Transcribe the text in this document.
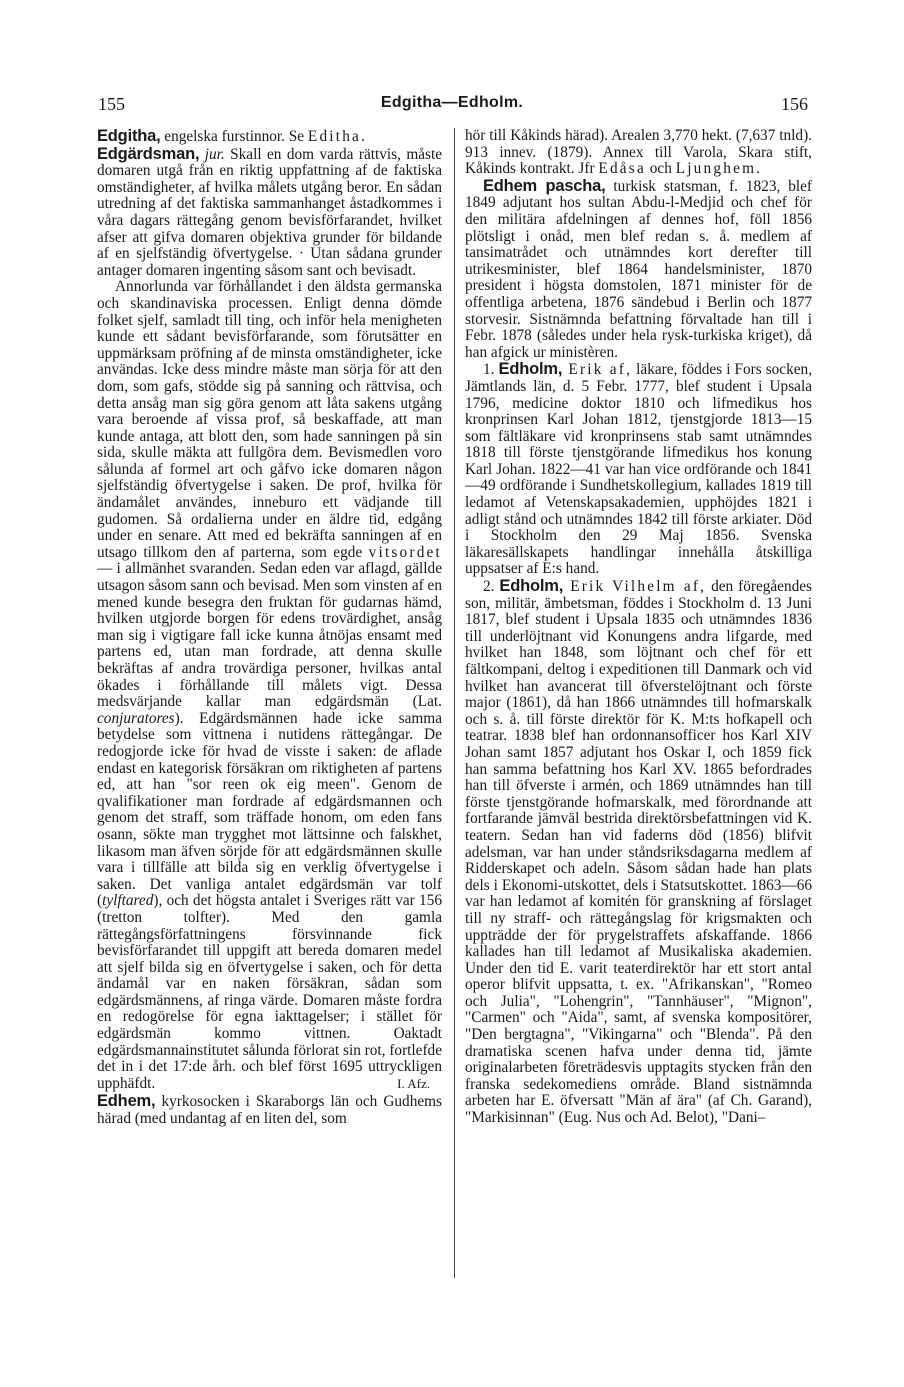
155	Edgitha—Edholm.	156

Edgitha, engelska furstinnor. Se Editha.

Edgärdsman, jur. Skall en dom varda rättvis, måste domaren utgå från en riktig uppfattning af de faktiska omständigheter, af hvilka målets utgång beror. En sådan utredning af det faktiska sammanhanget åstadkommes i våra dagars rättegång genom bevisförfarandet, hvilket afser att gifva domaren objektiva grunder för bildande af en sjelfständig öfvertygelse. · Utan sådana grunder antager domaren ingenting såsom sant och bevisadt.

Annorlunda var förhållandet i den äldsta germanska och skandinaviska processen. Enligt denna dömde folket sjelf, samladt till ting, och inför hela menigheten kunde ett sådant bevisförfarande, som förutsätter en uppmärksam pröfning af de minsta omständigheter, icke användas. Icke dess mindre måste man sörja för att den dom, som gafs, stödde sig på sanning och rättvisa, och detta ansåg man sig göra genom att låta sakens utgång vara beroende af vissa prof, så beskaffade, att man kunde antaga, att blott den, som hade sanningen på sin sida, skulle mäkta att fullgöra dem. Bevismedlen voro sålunda af formel art och gåfvo icke domaren någon sjelfständig öfvertygelse i saken. De prof, hvilka för ändamålet användes, inneburo ett vädjande till gudomen. Så ordalierna under en äldre tid, edgång under en senare. Att med ed bekräfta sanningen af en utsago tillkom den af parterna, som egde vitsordet — i allmänhet svaranden. Sedan eden var aflagd, gällde utsagon såsom sann och bevisad. Men som vinsten af en mened kunde besegra den fruktan för gudarnas hämd, hvilken utgjorde borgen för edens trovärdighet, ansåg man sig i vigtigare fall icke kunna åtnöjas ensamt med partens ed, utan man fordrade, att denna skulle bekräftas af andra trovärdiga personer, hvilkas antal ökades i förhållande till målets vigt. Dessa medsvärjande kallar man edgärdsmän (Lat. conjuratores). Edgärdsmännen hade icke samma betydelse som vittnena i nutidens rättegångar. De redogjorde icke för hvad de visste i saken: de aflade endast en kategorisk försäkran om riktigheten af partens ed, att han "sor reen ok eig meen". Genom de qvalifikationer man fordrade af edgärdsmannen och genom det straff, som träffade honom, om eden fans osann, sökte man trygghet mot lättsinne och falskhet, likasom man äfven sörjde för att edgärdsmännen skulle vara i tillfälle att bilda sig en verklig öfvertygelse i saken. Det vanliga antalet edgärdsmän var tolf (tylftared), och det högsta antalet i Sveriges rätt var 156 (tretton tolfter). Med den gamla rättegångsförfattningens försvinnande fick bevisförfarandet till uppgift att bereda domaren medel att sjelf bilda sig en öfvertygelse i saken, och för detta ändamål var en naken försäkran, sådan som edgärdsmännens, af ringa värde. Domaren måste fordra en redogörelse för egna iakttagelser; i stället för edgärdsmän kommo vittnen. Oaktadt edgärdsmannainstitutet sålunda förlorat sin rot, fortlefde det in i det 17:de årh. och blef först 1695 uttryckligen upphäfdt.	I. Afz.

Edhem, kyrkosocken i Skaraborgs län och Gudhems härad (med undantag af en liten del, som

hör till Kåkinds härad). Arealen 3,770 hekt. (7,637 tnld). 913 innev. (1879). Annex till Varola, Skara stift, Kåkinds kontrakt. Jfr Edåsa och Ljunghem.

Edhem pascha, turkisk statsman, f. 1823, blef 1849 adjutant hos sultan Abdu-l-Medjid och chef för den militära afdelningen af dennes hof, föll 1856 plötsligt i onåd, men blef redan s. å. medlem af tansimatrådet och utnämndes kort derefter till utrikesminister, blef 1864 handelsminister, 1870 president i högsta domstolen, 1871 minister för de offentliga arbetena, 1876 sändebud i Berlin och 1877 storvesir. Sistnämnda befattning förvaltade han till i Febr. 1878 (således under hela rysk-turkiska kriget), då han afgick ur ministèren.

1. Edholm, Erik af, läkare, föddes i Fors socken, Jämtlands län, d. 5 Febr. 1777, blef student i Upsala 1796, medicine doktor 1810 och lifmedikus hos kronprinsen Karl Johan 1812, tjenstgjorde 1813—15 som fältläkare vid kronprinsens stab samt utnämndes 1818 till förste tjenstgörande lifmedikus hos konung Karl Johan. 1822—41 var han vice ordförande och 1841—49 ordförande i Sundhetskollegium, kallades 1819 till ledamot af Vetenskapsakademien, upphöjdes 1821 i adligt stånd och utnämndes 1842 till förste arkiater. Död i Stockholm den 29 Maj 1856. Svenska läkaresällskapets handlingar innehålla åtskilliga uppsatser af E:s hand.

2. Edholm, Erik Vilhelm af, den föregåendes son, militär, ämbetsman, föddes i Stockholm d. 13 Juni 1817, blef student i Upsala 1835 och utnämndes 1836 till underlöjtnant vid Konungens andra lifgarde, med hvilket han 1848, som löjtnant och chef för ett fältkompani, deltog i expeditionen till Danmark och vid hvilket han avancerat till öfverstelöjtnant och förste major (1861), då han 1866 utnämndes till hofmarskalk och s. å. till förste direktör för K. M:ts hofkapell och teatrar. 1838 blef han ordonnansofficer hos Karl XIV Johan samt 1857 adjutant hos Oskar I, och 1859 fick han samma befattning hos Karl XV. 1865 befordrades han till öfverste i armén, och 1869 utnämndes han till förste tjenstgörande hofmarskalk, med förordnande att fortfarande jämväl bestrida direktörsbefattningen vid K. teatern. Sedan han vid faderns död (1856) blifvit adelsman, var han under ståndsriksdagarna medlem af Ridderskapet och adeln. Såsom sådan hade han plats dels i Ekonomi-utskottet, dels i Statsutskottet. 1863—66 var han ledamot af komitén för granskning af förslaget till ny straff- och rättegångslag för krigsmakten och uppträdde der för prygelstraffets afskaffande. 1866 kallades han till ledamot af Musikaliska akademien. Under den tid E. varit teaterdirektör har ett stort antal operor blifvit uppsatta, t. ex. "Afrikanskan", "Romeo och Julia", "Lohengrin", "Tannhäuser", "Mignon", "Carmen" och "Aida", samt, af svenska kompositörer, "Den bergtagna", "Vikingarna" och "Blenda". På den dramatiska scenen hafva under denna tid, jämte originalarbeten företrädesvis upptagits stycken från den franska sedekomediens område. Bland sistnämnda arbeten har E. öfversatt "Män af ära" (af Ch. Garand), "Markisinnan" (Eug. Nus och Ad. Belot), "Dani–
